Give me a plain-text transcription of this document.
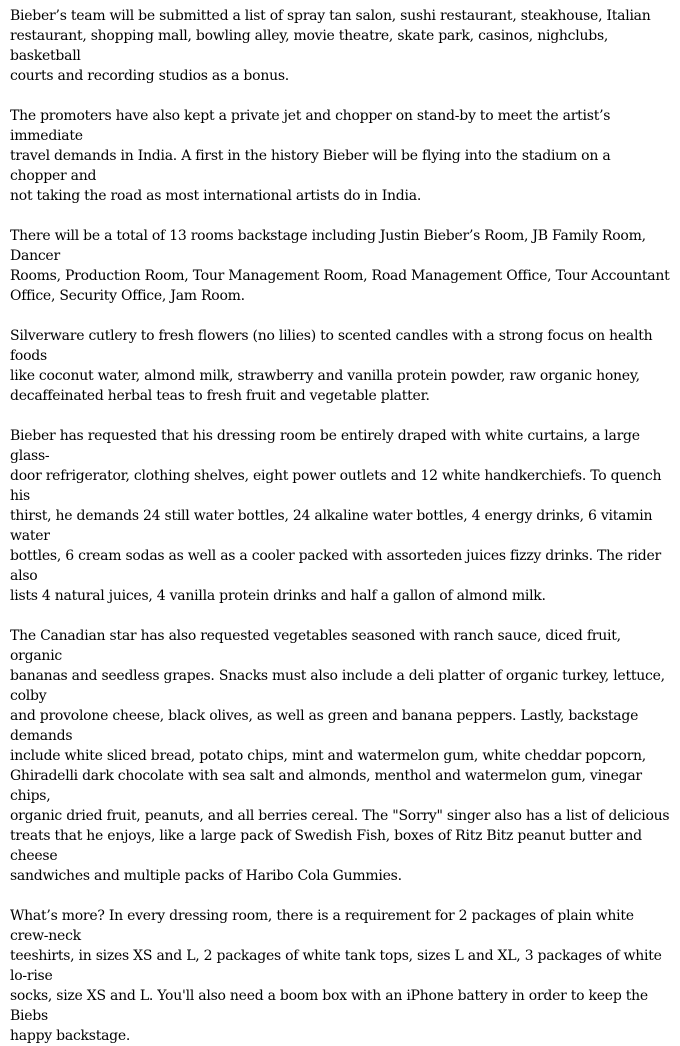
Bieber’s team will be submitted a list of spray tan salon, sushi restaurant, steakhouse, Italian
restaurant, shopping mall, bowling alley, movie theatre, skate park, casinos, nighclubs, basketball
courts and recording studios as a bonus.

The promoters have also kept a private jet and chopper on stand-by to meet the artist’s immediate
travel demands in India. A first in the history Bieber will be flying into the stadium on a chopper and
not taking the road as most international artists do in India.

There will be a total of 13 rooms backstage including Justin Bieber’s Room, JB Family Room, Dancer
Rooms, Production Room, Tour Management Room, Road Management Office, Tour Accountant
Office, Security Office, Jam Room.

Silverware cutlery to fresh flowers (no lilies) to scented candles with a strong focus on health foods
like coconut water, almond milk, strawberry and vanilla protein powder, raw organic honey,
decaffeinated herbal teas to fresh fruit and vegetable platter.

Bieber has requested that his dressing room be entirely draped with white curtains, a large glass-
door refrigerator, clothing shelves, eight power outlets and 12 white handkerchiefs. To quench his
thirst, he demands 24 still water bottles, 24 alkaline water bottles, 4 energy drinks, 6 vitamin water
bottles, 6 cream sodas as well as a cooler packed with assorteden juices fizzy drinks. The rider also
lists 4 natural juices, 4 vanilla protein drinks and half a gallon of almond milk.

The Canadian star has also requested vegetables seasoned with ranch sauce, diced fruit, organic
bananas and seedless grapes. Snacks must also include a deli platter of organic turkey, lettuce, colby
and provolone cheese, black olives, as well as green and banana peppers. Lastly, backstage demands
include white sliced bread, potato chips, mint and watermelon gum, white cheddar popcorn,
Ghiradelli dark chocolate with sea salt and almonds, menthol and watermelon gum, vinegar chips,
organic dried fruit, peanuts, and all berries cereal. The "Sorry" singer also has a list of delicious
treats that he enjoys, like a large pack of Swedish Fish, boxes of Ritz Bitz peanut butter and cheese
sandwiches and multiple packs of Haribo Cola Gummies.

What’s more? In every dressing room, there is a requirement for 2 packages of plain white crew-neck
teeshirts, in sizes XS and L, 2 packages of white tank tops, sizes L and XL, 3 packages of white lo-rise
socks, size XS and L. You'll also need a boom box with an iPhone battery in order to keep the Biebs
happy backstage.
